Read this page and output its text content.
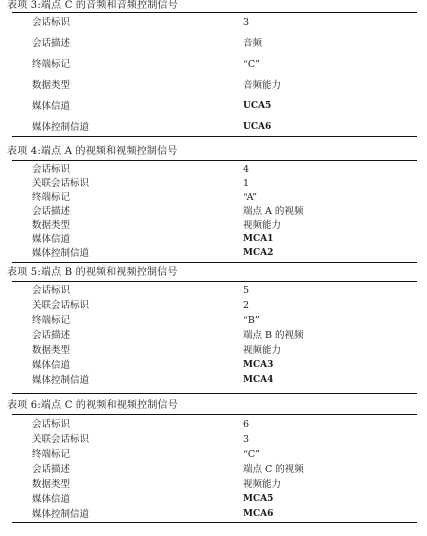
表项 3:端点 C 的音频和音频控制信号
会话标识	3
会话描述	音频
终端标记	“C”
数据类型	音频能力
媒体信道	UCA5
媒体控制信道	UCA6
表项 4:端点 A 的视频和视频控制信号
会话标识	4
关联会话标识	1
终端标记	“A”
会话描述	端点 A 的视频
数据类型	视频能力
媒体信道	MCA1
媒体控制信道	MCA2
表项 5:端点 B 的视频和视频控制信号
会话标识	5
关联会话标识	2
终端标记	“B”
会话描述	端点 B 的视频
数据类型	视频能力
媒体信道	MCA3
媒体控制信道	MCA4
表项 6:端点 C 的视频和视频控制信号
会话标识	6
关联会话标识	3
终端标记	“C”
会话描述	端点 C 的视频
数据类型	视频能力
媒体信道	MCA5
媒体控制信道	MCA6
